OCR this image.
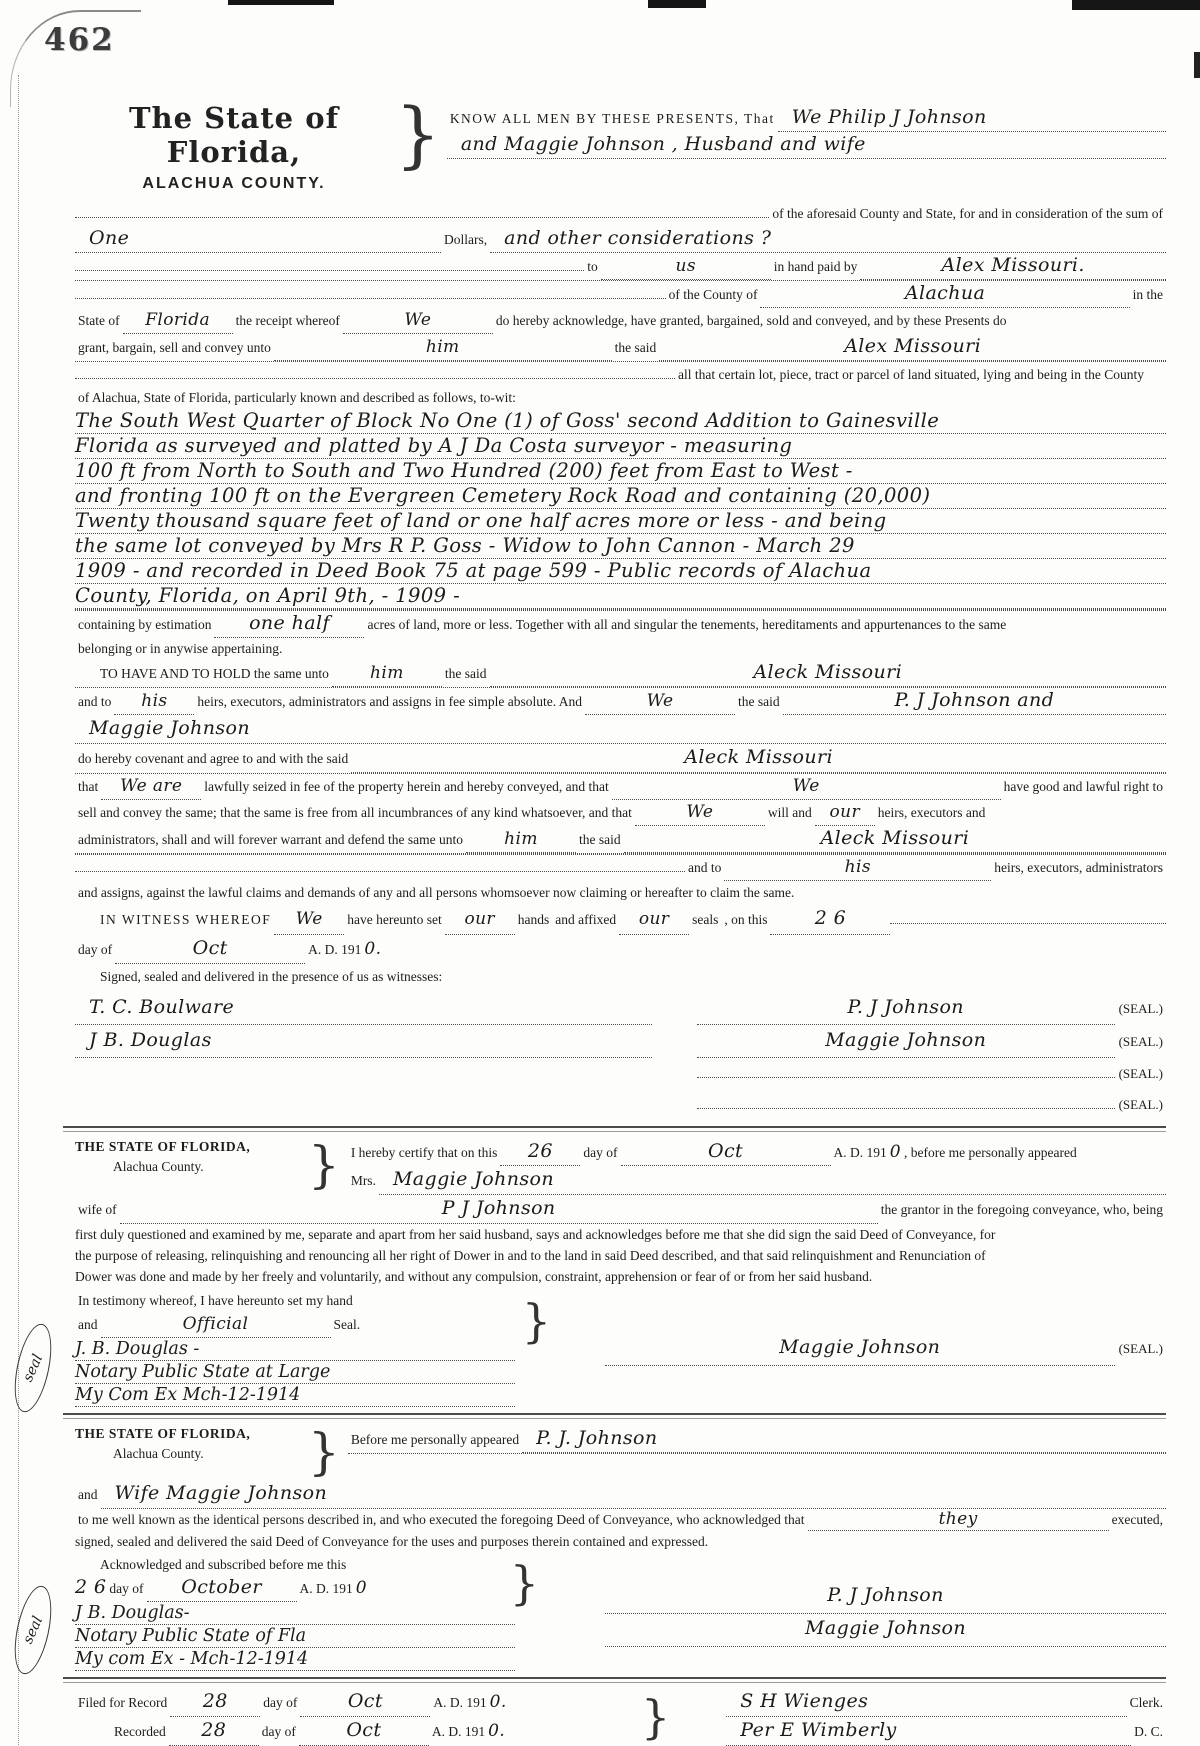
462
The State of Florida,
ALACHUA COUNTY.
} KNOW ALL MEN BY THESE PRESENTS, That We Philip J Johnson
and Maggie Johnson , Husband and wife
of the aforesaid County and State, for and in consideration of the sum of
One	Dollars, and other considerations ?
to	us	in hand paid by	Alex Missouri.
of the County of	Alachua	in the
State of	Florida	the receipt whereof	We	do hereby acknowledge, have granted, bargained, sold and conveyed, and by these Presents do
grant, bargain, sell and convey unto	him	the said	Alex Missouri
all that certain lot, piece, tract or parcel of land situated, lying and being in the County
of Alachua, State of Florida, particularly known and described as follows, to-wit:
The South West Quarter of Block No One (1) of Goss' second Addition to Gainesville
Florida as surveyed and platted by A J Da Costa surveyor - measuring
100 ft from North to South and Two Hundred (200) feet from East to West -
and fronting 100 ft on the Evergreen Cemetery Rock Road and containing (20,000)
Twenty thousand square feet of land or one half acres more or less - and being
the same lot conveyed by Mrs R P. Goss - Widow to John Cannon - March 29
1909 - and recorded in Deed Book 75 at page 599 - Public records of Alachua
County, Florida, on April 9th, - 1909 -
containing by estimation	one half	acres of land, more or less. Together with all and singular the tenements, hereditaments and appurtenances to the same
belonging or in anywise appertaining.
TO HAVE AND TO HOLD the same unto	him	the said	Aleck Missouri
and to	his	heirs, executors, administrators and assigns in fee simple absolute. And	We	the said	P. J Johnson and
Maggie Johnson
do hereby covenant and agree to and with the said	Aleck Missouri
that	We are	lawfully seized in fee of the property herein and hereby conveyed, and that	We	have good and lawful right to
sell and convey the same; that the same is free from all incumbrances of any kind whatsoever, and that	We	will and	our	heirs, executors and
administrators, shall and will forever warrant and defend the same unto	him	the said	Aleck Missouri
and to	his	heirs, executors, administrators
and assigns, against the lawful claims and demands of any and all persons whomsoever now claiming or hereafter to claim the same.
IN WITNESS WHEREOF	We	have hereunto set	our	hands and affixed	our	seals , on this	2 6
day of	Oct	A. D. 191 0.
Signed, sealed and delivered in the presence of us as witnesses:
T. C. Boulware
J B. Douglas
P. J Johnson	(SEAL.)
Maggie Johnson	(SEAL.)
(SEAL.)
(SEAL.)
THE STATE OF FLORIDA,
Alachua County.	} I hereby certify that on this	26	day of	Oct	A. D. 191 0 , before me personally appeared
Mrs. Maggie Johnson
wife of	P J Johnson	the grantor in the foregoing conveyance, who, being
first duly questioned and examined by me, separate and apart from her said husband, says and acknowledges before me that she did sign the said Deed of Conveyance, for
the purpose of releasing, relinquishing and renouncing all her right of Dower in and to the land in said Deed described, and that said relinquishment and Renunciation of
Dower was done and made by her freely and voluntarily, and without any compulsion, constraint, apprehension or fear of or from her said husband.
In testimony whereof, I have hereunto set my hand	}
and	Official	Seal.
J. B. Douglas -
Notary Public State at Large
My Com Ex Mch-12-1914
Maggie Johnson	(SEAL.)
seal
THE STATE OF FLORIDA,
Alachua County.	} Before me personally appeared P. J. Johnson
and Wife Maggie Johnson
to me well known as the identical persons described in, and who executed the foregoing Deed of Conveyance, who acknowledged that	they	executed,
signed, sealed and delivered the said Deed of Conveyance for the uses and purposes therein contained and expressed.
Acknowledged and subscribed before me this	}
2 6 day of	October	A. D. 191 0
J B. Douglas-
Notary Public State of Fla
My com Ex - Mch-12-1914
P. J Johnson
Maggie Johnson
seal
Filed for Record	28	day of	Oct	A. D. 191 0.
Recorded	28	day of	Oct	A. D. 191 0.	}	S H Wienges	Clerk.
Per E Wimberly	D. C.
